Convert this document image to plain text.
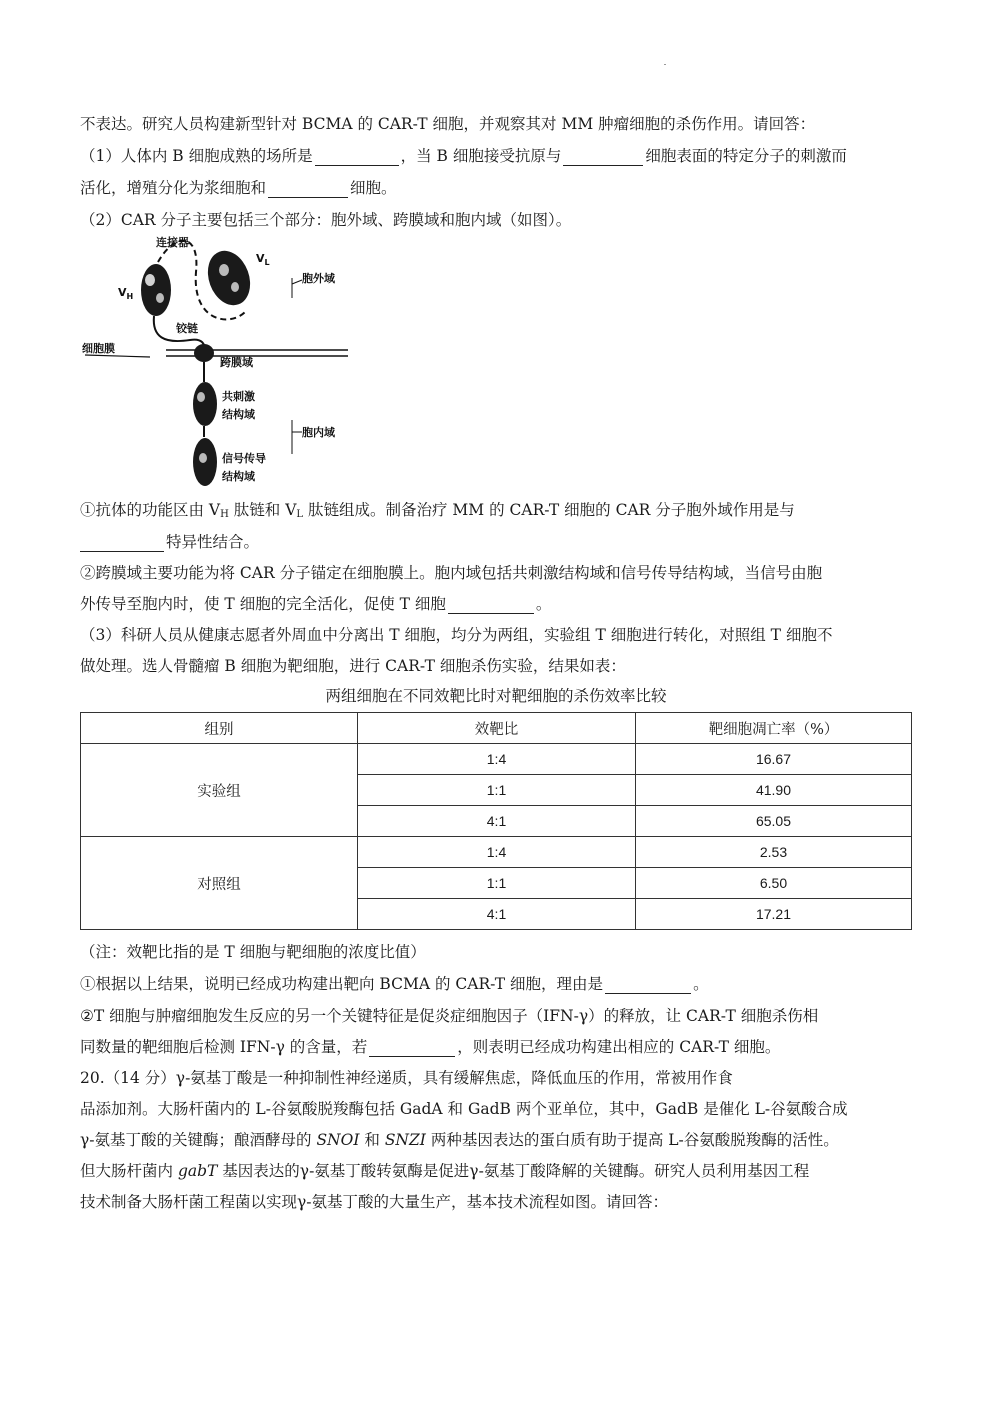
不表达。研究人员构建新型针对 BCMA 的 CAR-T 细胞，并观察其对 MM 肿瘤细胞的杀伤作用。请回答：
（1）人体内 B 细胞成熟的场所是	，当 B 细胞接受抗原与	细胞表面的特定分子的刺激而
活化，增殖分化为浆细胞和	细胞。
（2）CAR 分子主要包括三个部分：胞外域、跨膜域和胞内域（如图）。
连接器
$V_H$
$V_L$
胞外域
铰链
细胞膜
跨膜域
共刺激
结构域
胞内域
信号传导
结构域
①抗体的功能区由 $V_H$ 肽链和 $V_L$ 肽链组成。制备治疗 MM 的 CAR-T 细胞的 CAR 分子胞外域作用是与
特异性结合。
②跨膜域主要功能为将 CAR 分子锚定在细胞膜上。胞内域包括共刺激结构域和信号传导结构域，当信号由胞
外传导至胞内时，使 T 细胞的完全活化，促使 T 细胞	。
（3）科研人员从健康志愿者外周血中分离出 T 细胞，均分为两组，实验组 T 细胞进行转化，对照组 T 细胞不
做处理。选人骨髓瘤 B 细胞为靶细胞，进行 CAR-T 细胞杀伤实验，结果如表：
两组细胞在不同效靶比时对靶细胞的杀伤效率比较
组别	效靶比	靶细胞凋亡率（%）
实验组	1:4	16.67
	1:1	41.90
	4:1	65.05
对照组	1:4	2.53
	1:1	6.50
	4:1	17.21
（注：效靶比指的是 T 细胞与靶细胞的浓度比值）
①根据以上结果，说明已经成功构建出靶向 BCMA 的 CAR-T 细胞，理由是	。
②T 细胞与肿瘤细胞发生反应的另一个关键特征是促炎症细胞因子（IFN-γ）的释放，让 CAR-T 细胞杀伤相
同数量的靶细胞后检测 IFN-γ 的含量，若	，则表明已经成功构建出相应的 CAR-T 细胞。
20.（14 分）γ-氨基丁酸是一种抑制性神经递质，具有缓解焦虑，降低血压的作用，常被用作食
品添加剂。大肠杆菌内的 L-谷氨酸脱羧酶包括 GadA 和 GadB 两个亚单位，其中，GadB 是催化 L-谷氨酸合成
γ-氨基丁酸的关键酶；酿酒酵母的 SNOI 和 SNZI 两种基因表达的蛋白质有助于提高 L-谷氨酸脱羧酶的活性。
但大肠杆菌内 gabT 基因表达的γ-氨基丁酸转氨酶是促进γ-氨基丁酸降解的关键酶。研究人员利用基因工程
技术制备大肠杆菌工程菌以实现γ-氨基丁酸的大量生产，基本技术流程如图。请回答：
